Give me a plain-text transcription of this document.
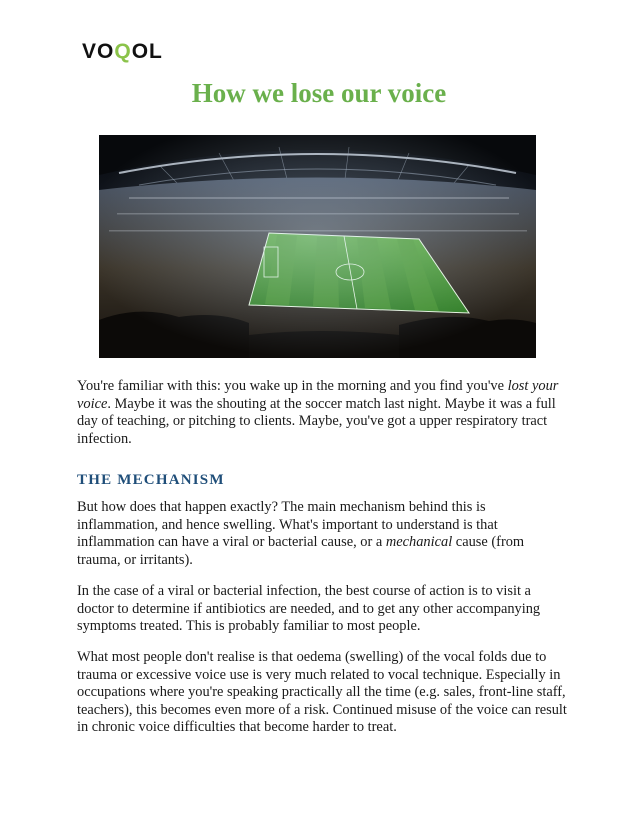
VOQOL
How we lose our voice

You're familiar with this: you wake up in the morning and you find you've lost your voice. Maybe it was the shouting at the soccer match last night. Maybe it was a full day of teaching, or pitching to clients. Maybe, you've got a upper respiratory tract infection.

THE MECHANISM

But how does that happen exactly? The main mechanism behind this is inflammation, and hence swelling. What's important to understand is that inflammation can have a viral or bacterial cause, or a mechanical cause (from trauma, or irritants).

In the case of a viral or bacterial infection, the best course of action is to visit a doctor to determine if antibiotics are needed, and to get any other accompanying symptoms treated. This is probably familiar to most people.

What most people don't realise is that oedema (swelling) of the vocal folds due to trauma or excessive voice use is very much related to vocal technique. Especially in occupations where you're speaking practically all the time (e.g. sales, front-line staff, teachers), this becomes even more of a risk. Continued misuse of the voice can result in chronic voice difficulties that become harder to treat.
